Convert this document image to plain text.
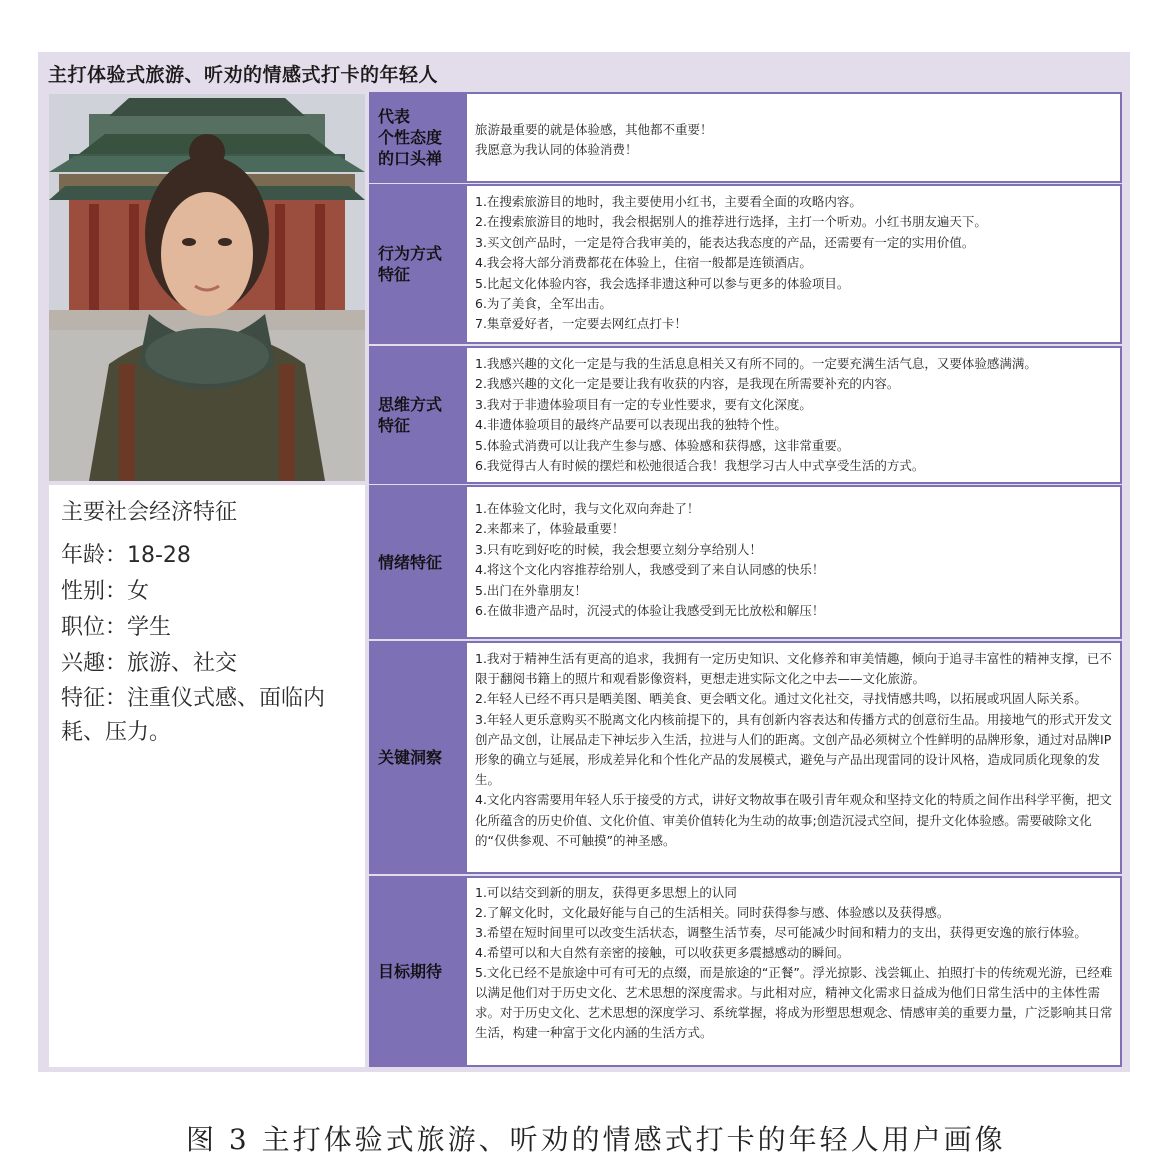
主打体验式旅游、听劝的情感式打卡的年轻人
主要社会经济特征
年龄：18-28
性别：女
职位：学生
兴趣：旅游、社交
特征：注重仪式感、面临内耗、压力。
代表
个性态度
的口头禅
旅游最重要的就是体验感，其他都不重要！
我愿意为我认同的体验消费！
行为方式
特征
1.在搜索旅游目的地时，我主要使用小红书，主要看全面的攻略内容。
2.在搜索旅游目的地时，我会根据别人的推荐进行选择，主打一个听劝。小红书朋友遍天下。
3.买文创产品时，一定是符合我审美的，能表达我态度的产品，还需要有一定的实用价值。
4.我会将大部分消费都花在体验上，住宿一般都是连锁酒店。
5.比起文化体验内容，我会选择非遗这种可以参与更多的体验项目。
6.为了美食，全军出击。
7.集章爱好者，一定要去网红点打卡！
思维方式
特征
1.我感兴趣的文化一定是与我的生活息息相关又有所不同的。一定要充满生活气息，又要体验感满满。
2.我感兴趣的文化一定是要让我有收获的内容，是我现在所需要补充的内容。
3.我对于非遗体验项目有一定的专业性要求，要有文化深度。
4.非遗体验项目的最终产品要可以表现出我的独特个性。
5.体验式消费可以让我产生参与感、体验感和获得感，这非常重要。
6.我觉得古人有时候的摆烂和松弛很适合我！我想学习古人中式享受生活的方式。
情绪特征
1.在体验文化时，我与文化双向奔赴了！
2.来都来了，体验最重要！
3.只有吃到好吃的时候，我会想要立刻分享给别人！
4.将这个文化内容推荐给别人，我感受到了来自认同感的快乐！
5.出门在外靠朋友！
6.在做非遗产品时，沉浸式的体验让我感受到无比放松和解压！
关键洞察
1.我对于精神生活有更高的追求，我拥有一定历史知识、文化修养和审美情趣，倾向于追寻丰富性的精神支撑，已不限于翻阅书籍上的照片和观看影像资料，更想走进实际文化之中去——文化旅游。
2.年轻人已经不再只是晒美图、晒美食、更会晒文化。通过文化社交，寻找情感共鸣，以拓展或巩固人际关系。
3.年轻人更乐意购买不脱离文化内核前提下的，具有创新内容表达和传播方式的创意衍生品。用接地气的形式开发文创产品文创，让展品走下神坛步入生活，拉进与人们的距离。文创产品必须树立个性鲜明的品牌形象，通过对品牌IP形象的确立与延展，形成差异化和个性化产品的发展模式，避免与产品出现雷同的设计风格，造成同质化现象的发生。
4.文化内容需要用年轻人乐于接受的方式，讲好文物故事在吸引青年观众和坚持文化的特质之间作出科学平衡，把文化所蕴含的历史价值、文化价值、审美价值转化为生动的故事;创造沉浸式空间，提升文化体验感。需要破除文化的“仅供参观、不可触摸”的神圣感。
目标期待
1.可以结交到新的朋友，获得更多思想上的认同
2.了解文化时，文化最好能与自己的生活相关。同时获得参与感、体验感以及获得感。
3.希望在短时间里可以改变生活状态，调整生活节奏，尽可能减少时间和精力的支出，获得更安逸的旅行体验。
4.希望可以和大自然有亲密的接触，可以收获更多震撼感动的瞬间。
5.文化已经不是旅途中可有可无的点缀，而是旅途的“正餐”。浮光掠影、浅尝辄止、拍照打卡的传统观光游，已经难以满足他们对于历史文化、艺术思想的深度需求。与此相对应，精神文化需求日益成为他们日常生活中的主体性需求。对于历史文化、艺术思想的深度学习、系统掌握，将成为形塑思想观念、情感审美的重要力量，广泛影响其日常生活，构建一种富于文化内涵的生活方式。
图 3 主打体验式旅游、听劝的情感式打卡的年轻人用户画像
